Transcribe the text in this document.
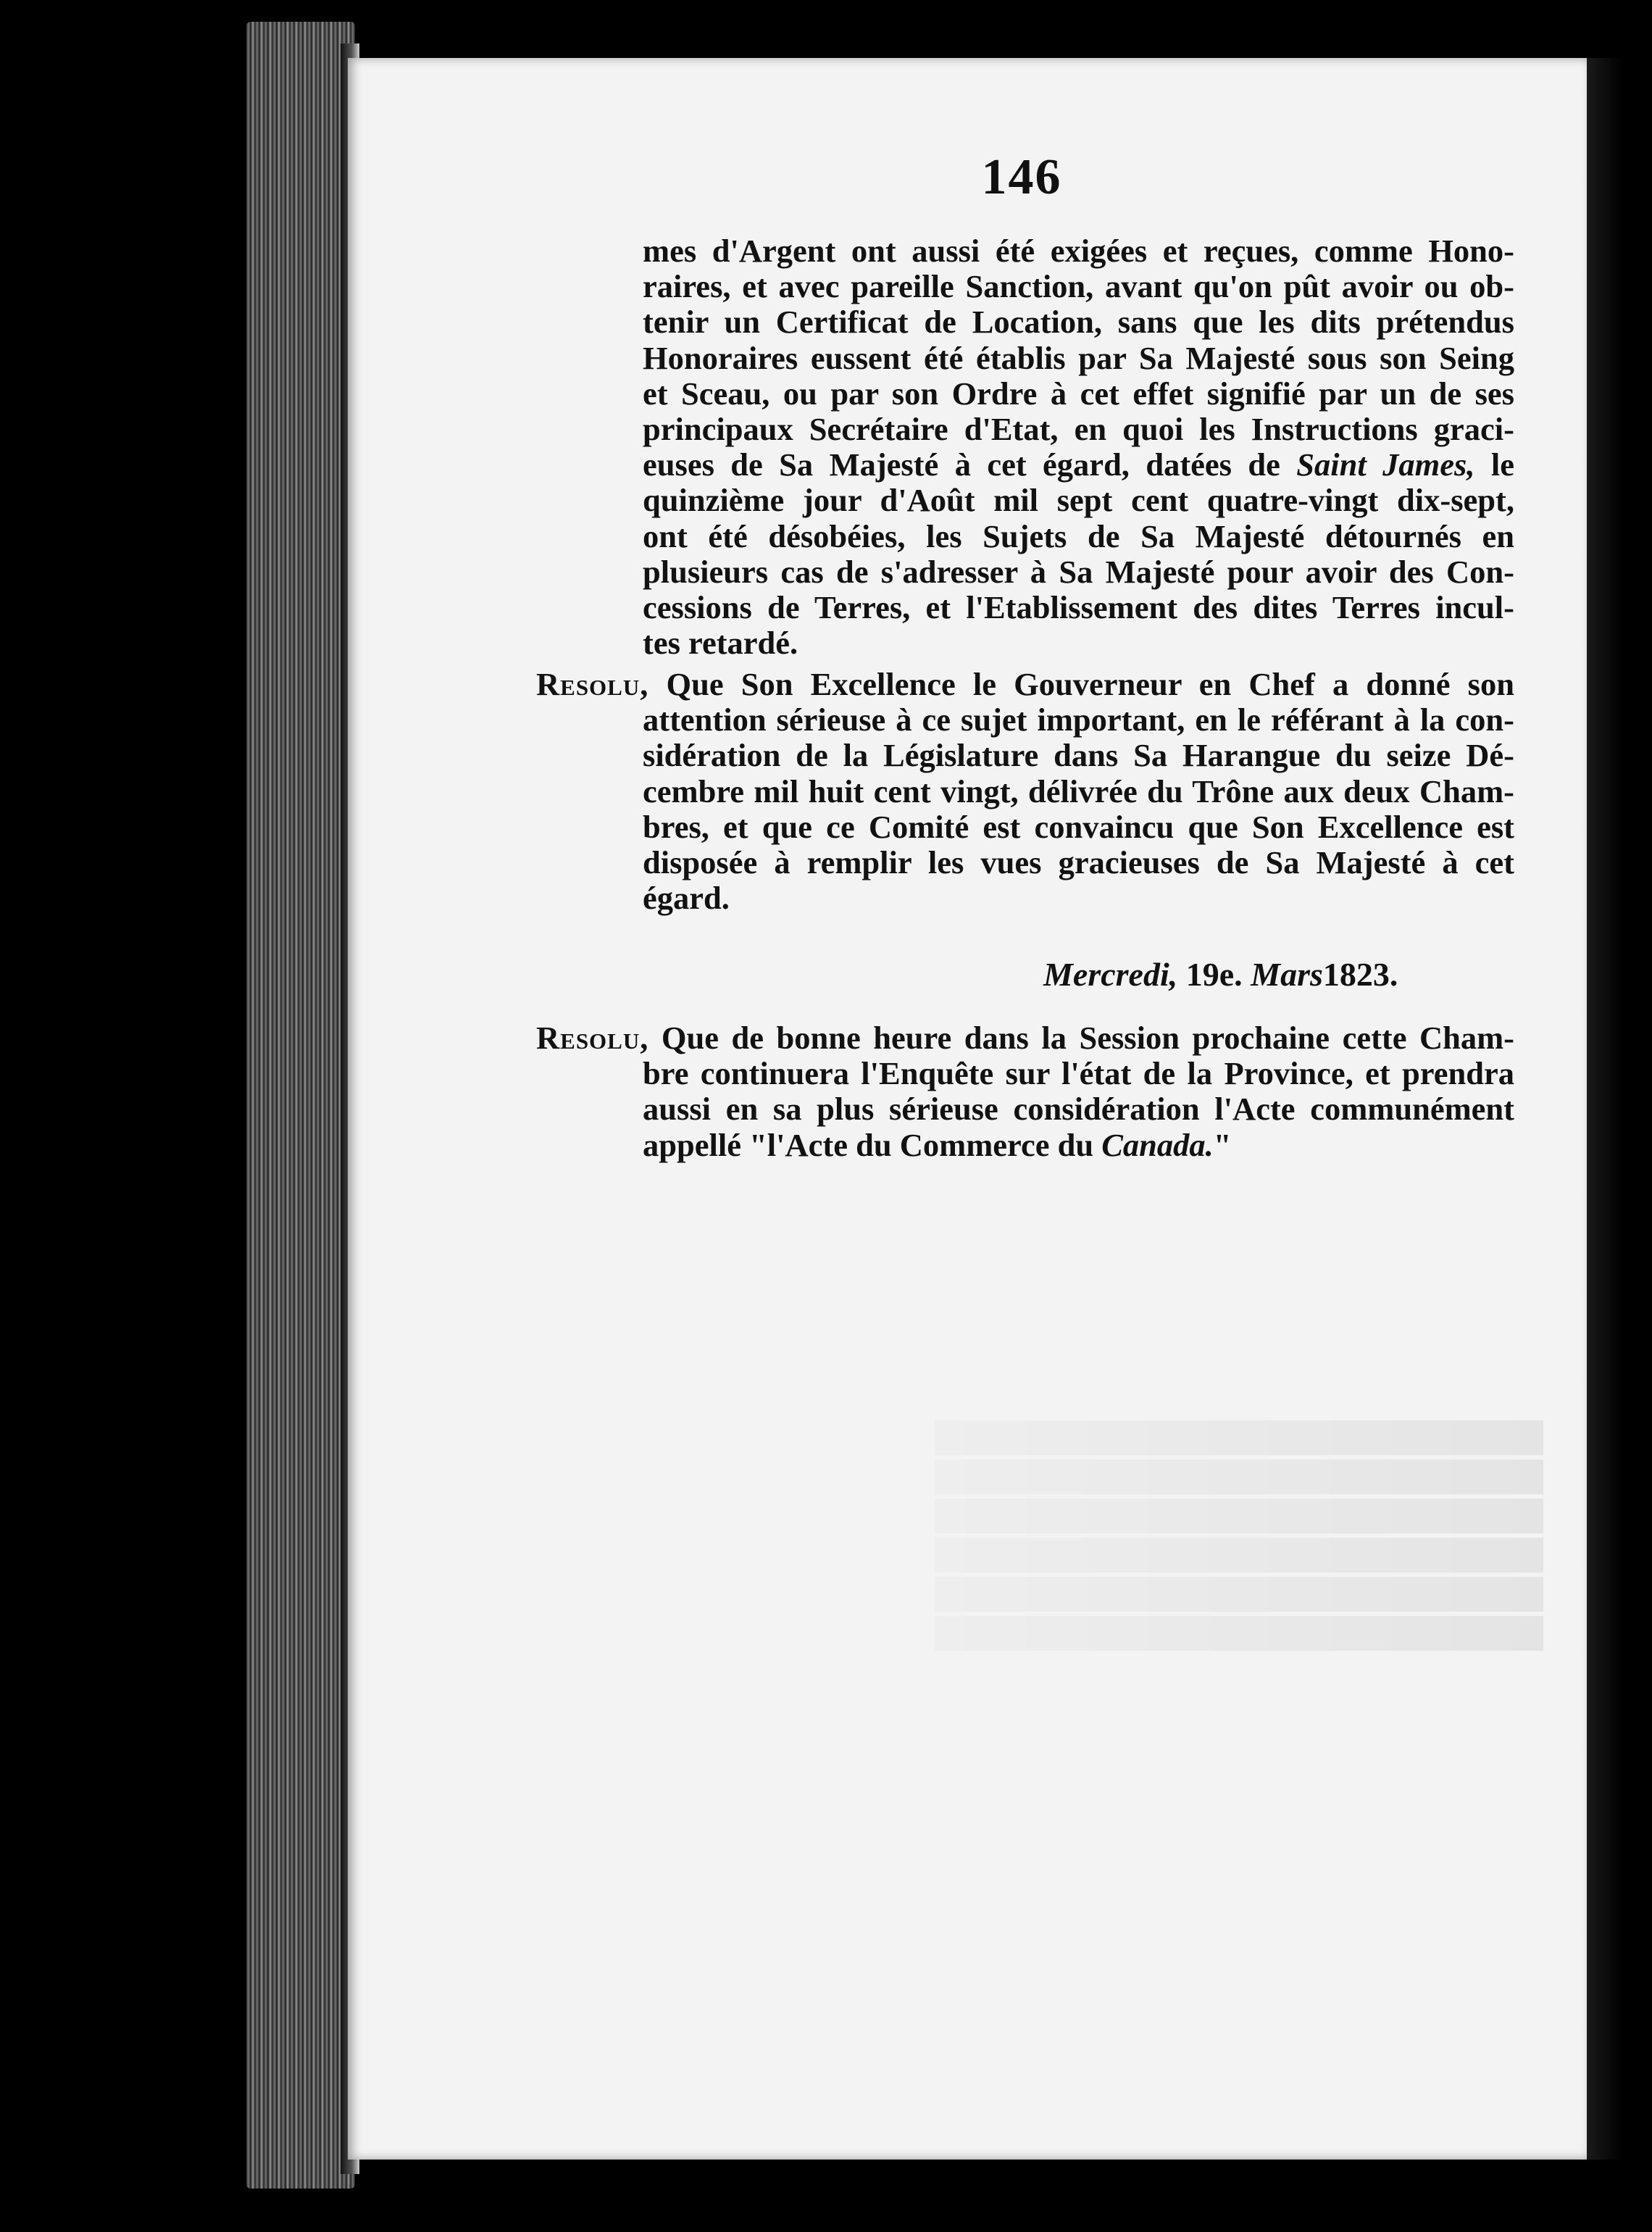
146
mes d'Argent ont aussi été exigées et reçues, comme Hono-
raires, et avec pareille Sanction, avant qu'on pût avoir ou ob-
tenir un Certificat de Location, sans que les dits prétendus
Honoraires eussent été établis par Sa Majesté sous son Seing
et Sceau, ou par son Ordre à cet effet signifié par un de ses
principaux Secrétaire d'Etat, en quoi les Instructions graci-
euses de Sa Majesté à cet égard, datées de Saint James, le
quinzième jour d'Août mil sept cent quatre-vingt dix-sept,
ont été désobéies, les Sujets de Sa Majesté détournés en
plusieurs cas de s'adresser à Sa Majesté pour avoir des Con-
cessions de Terres, et l'Etablissement des dites Terres incul-
tes retardé.
Resolu, Que Son Excellence le Gouverneur en Chef a donné son
attention sérieuse à ce sujet important, en le référant à la con-
sidération de la Législature dans Sa Harangue du seize Dé-
cembre mil huit cent vingt, délivrée du Trône aux deux Cham-
bres, et que ce Comité est convaincu que Son Excellence est
disposée à remplir les vues gracieuses de Sa Majesté à cet
égard.
Mercredi, 19e. Mars1823.
Resolu, Que de bonne heure dans la Session prochaine cette Cham-
bre continuera l'Enquête sur l'état de la Province, et prendra
aussi en sa plus sérieuse considération l'Acte communément
appellé "l'Acte du Commerce du Canada."
